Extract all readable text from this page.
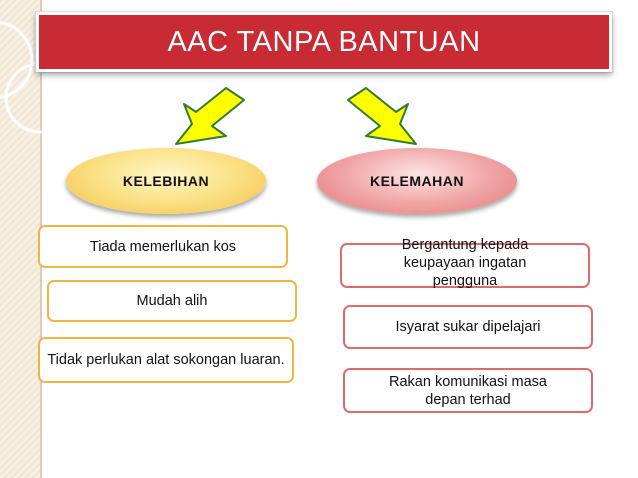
AAC TANPA BANTUAN
KELEBIHAN	KELEMAHAN
Tiada memerlukan kos
Mudah alih
Tidak perlukan alat sokongan luaran.
Bergantung kepada keupayaan ingatan pengguna
Isyarat sukar dipelajari
Rakan komunikasi masa depan terhad
